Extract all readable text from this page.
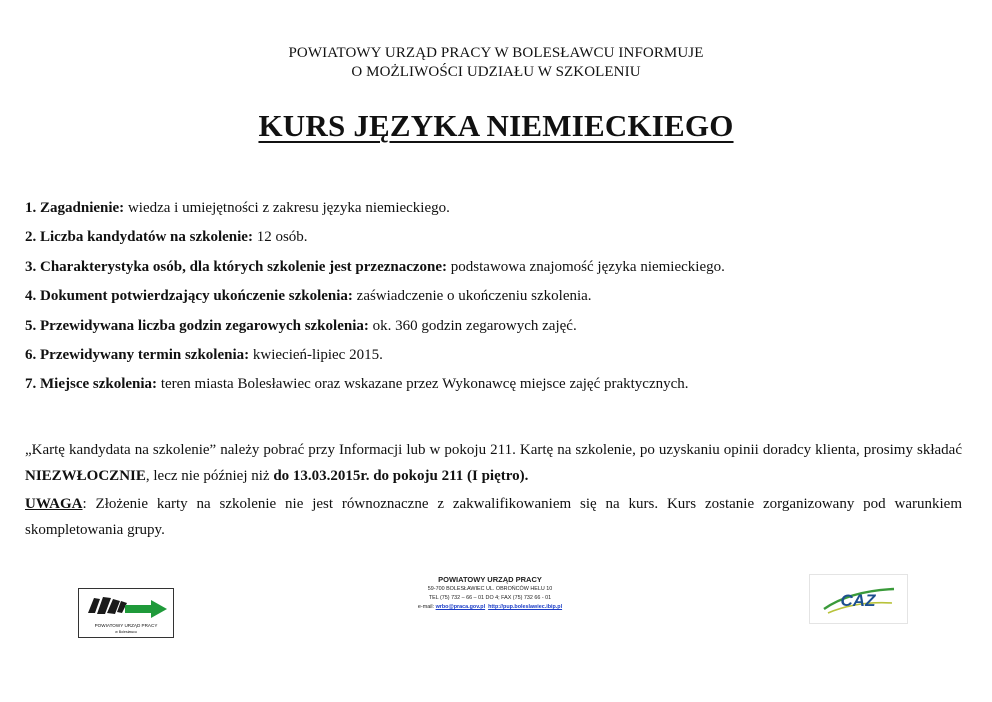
POWIATOWY URZĄD PRACY W BOLESŁAWCU INFORMUJE
O MOŻLIWOŚCI UDZIAŁU W SZKOLENIU
KURS JĘZYKA NIEMIECKIEGO
1. Zagadnienie: wiedza i umiejętności z zakresu języka niemieckiego.
2. Liczba kandydatów na szkolenie: 12 osób.
3. Charakterystyka osób, dla których szkolenie jest przeznaczone: podstawowa znajomość języka niemieckiego.
4. Dokument potwierdzający ukończenie szkolenia: zaświadczenie o ukończeniu szkolenia.
5. Przewidywana liczba godzin zegarowych szkolenia: ok. 360 godzin zegarowych zajęć.
6. Przewidywany termin szkolenia: kwiecień-lipiec 2015.
7. Miejsce szkolenia: teren miasta Bolesławiec oraz wskazane przez Wykonawcę miejsce zajęć praktycznych.

„Kartę kandydata na szkolenie” należy pobrać przy Informacji lub w pokoju 211. Kartę na szkolenie, po uzyskaniu opinii doradcy klienta, prosimy składać NIEZWŁOCZNIE, lecz nie później niż do 13.03.2015r. do pokoju 211 (I piętro).

UWAGA: Złożenie karty na szkolenie nie jest równoznaczne z zakwalifikowaniem się na kurs. Kurs zostanie zorganizowany pod warunkiem skompletowania grupy.

POWIATOWY URZĄD PRACY
w Bolesławcu
POWIATOWY URZĄD PRACY
59-700 BOLESŁAWIEC UL. OBROŃCÓW HELU 10
TEL (75) 732 – 66 – 01 DO 4; FAX (75) 732 66 - 01
e-mail: wrbo@praca.gov.pl http://pup.boleslawiec.ibip.pl	CAZ
